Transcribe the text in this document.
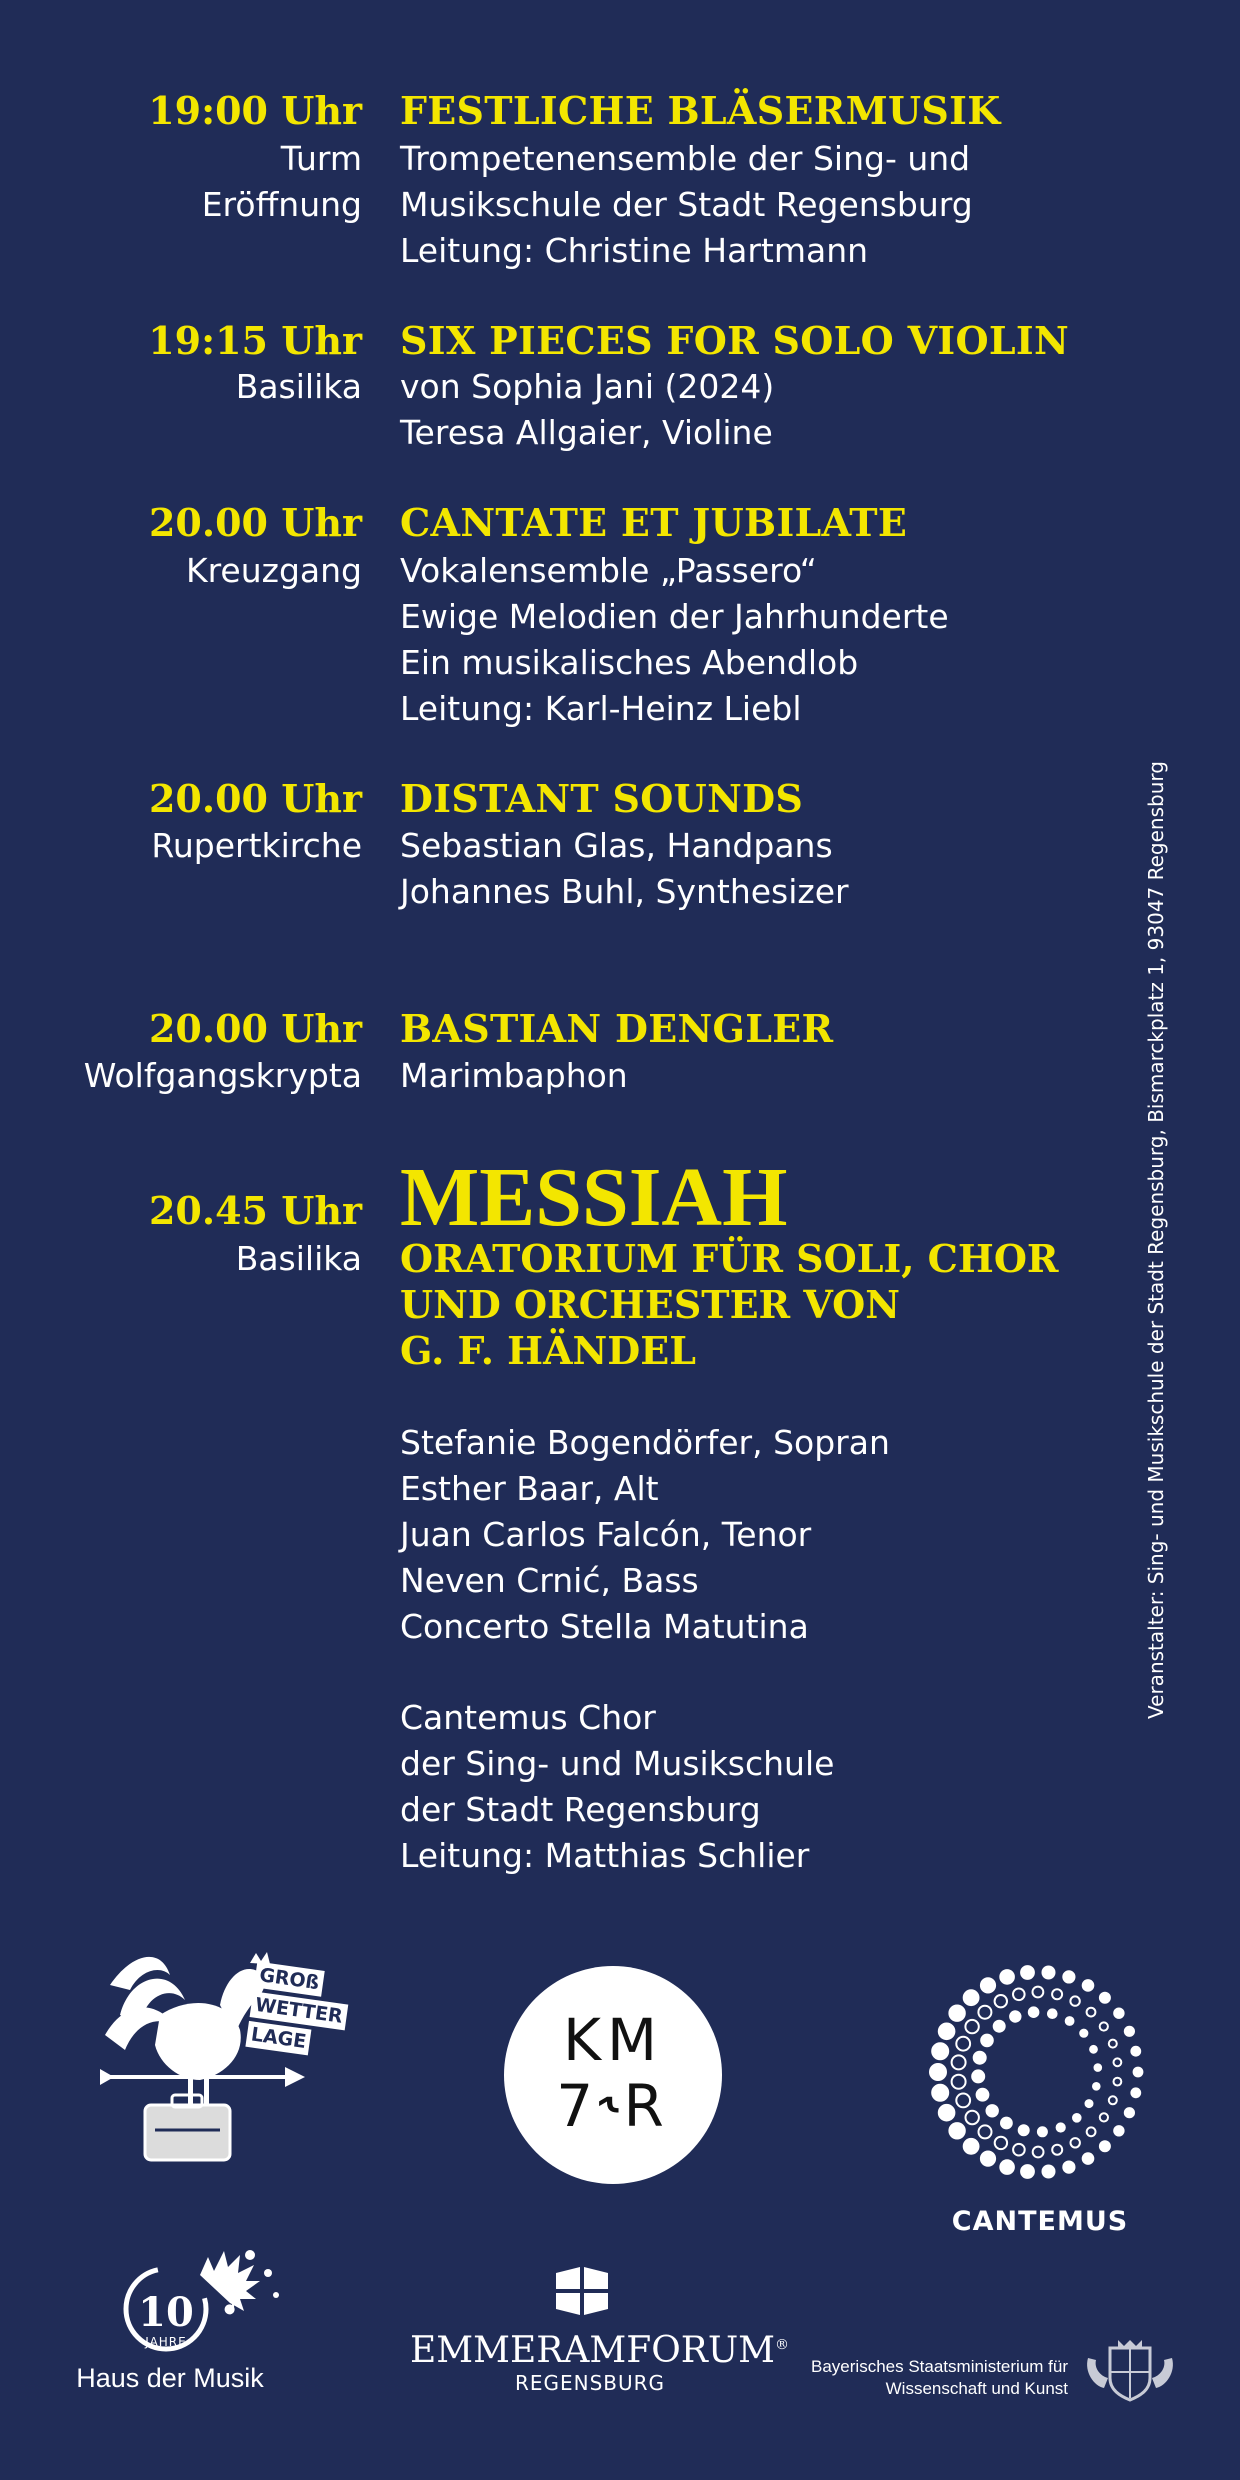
19:00 Uhr
Turm
Eröffnung
FESTLICHE BLÄSERMUSIK
Trompetenensemble der Sing- und
Musikschule der Stadt Regensburg
Leitung: Christine Hartmann
19:15 Uhr
Basilika
SIX PIECES FOR SOLO VIOLIN
von Sophia Jani (2024)
Teresa Allgaier, Violine
20.00 Uhr
Kreuzgang
CANTATE ET JUBILATE
Vokalensemble „Passero“
Ewige Melodien der Jahrhunderte
Ein musikalisches Abendlob
Leitung: Karl-Heinz Liebl
20.00 Uhr
Rupertkirche
DISTANT SOUNDS
Sebastian Glas, Handpans
Johannes Buhl, Synthesizer
20.00 Uhr
Wolfgangskrypta
BASTIAN DENGLER
Marimbaphon
20.45 Uhr
Basilika
MESSIAH
ORATORIUM FÜR SOLI, CHOR
UND ORCHESTER VON
G. F. HÄNDEL
Stefanie Bogendörfer, Sopran
Esther Baar, Alt
Juan Carlos Falcón, Tenor
Neven Crnić, Bass
Concerto Stella Matutina
Cantemus Chor
der Sing- und Musikschule
der Stadt Regensburg
Leitung: Matthias Schlier
Veranstalter: Sing- und Musikschule der Stadt Regensburg, Bismarckplatz 1, 93047 Regensburg
GROß
WETTER
LAGE	KM
7˞R
CANTEMUS
10
JAHRE
Haus der Musik
EMMERAMFORUM®
REGENSBURG
Bayerisches Staatsministerium für
Wissenschaft und Kunst
